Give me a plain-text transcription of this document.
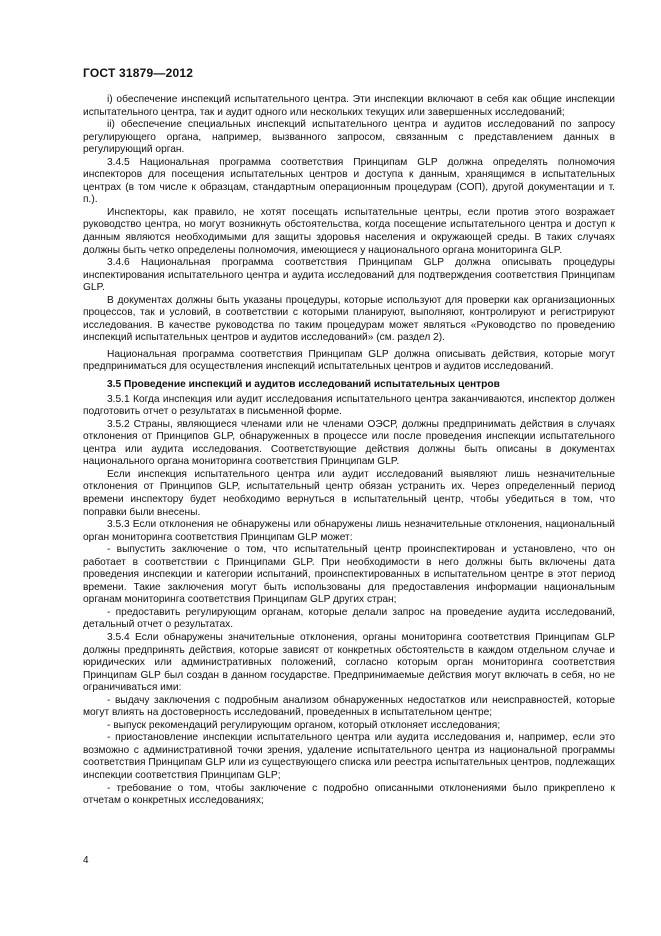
ГОСТ 31879—2012

i) обеспечение инспекций испытательного центра. Эти инспекции включают в себя как общие инспекции испытательного центра, так и аудит одного или нескольких текущих или завершенных исследований;

ii) обеспечение специальных инспекций испытательного центра и аудитов исследований по запросу регулирующего органа, например, вызванного запросом, связанным с представлением данных в регулирующий орган.

3.4.5 Национальная программа соответствия Принципам GLP должна определять полномочия инспекторов для посещения испытательных центров и доступа к данным, хранящимся в испытательных центрах (в том числе к образцам, стандартным операционным процедурам (СОП), другой документации и т. п.).

Инспекторы, как правило, не хотят посещать испытательные центры, если против этого возражает руководство центра, но могут возникнуть обстоятельства, когда посещение испытательного центра и доступ к данным являются необходимыми для защиты здоровья населения и окружающей среды. В таких случаях должны быть четко определены полномочия, имеющиеся у национального органа мониторинга GLP.

3.4.6 Национальная программа соответствия Принципам GLP должна описывать процедуры инспектирования испытательного центра и аудита исследований для подтверждения соответствия Принципам GLP.

В документах должны быть указаны процедуры, которые используют для проверки как организационных процессов, так и условий, в соответствии с которыми планируют, выполняют, контролируют и регистрируют исследования. В качестве руководства по таким процедурам может являться «Руководство по проведению инспекций испытательных центров и аудитов исследований» (см. раздел 2).

Национальная программа соответствия Принципам GLP должна описывать действия, которые могут предприниматься для осуществления инспекций испытательных центров и аудитов исследований.

3.5 Проведение инспекций и аудитов исследований испытательных центров

3.5.1 Когда инспекция или аудит исследования испытательного центра заканчиваются, инспектор должен подготовить отчет о результатах в письменной форме.

3.5.2 Страны, являющиеся членами или не членами ОЭСР, должны предпринимать действия в случаях отклонения от Принципов GLP, обнаруженных в процессе или после проведения инспекции испытательного центра или аудита исследования. Соответствующие действия должны быть описаны в документах национального органа мониторинга соответствия Принципам GLP.

Если инспекция испытательного центра или аудит исследований выявляют лишь незначительные отклонения от Принципов GLP, испытательный центр обязан устранить их. Через определенный период времени инспектору будет необходимо вернуться в испытательный центр, чтобы убедиться в том, что поправки были внесены.

3.5.3 Если отклонения не обнаружены или обнаружены лишь незначительные отклонения, национальный орган мониторинга соответствия Принципам GLP может:

- выпустить заключение о том, что испытательный центр проинспектирован и установлено, что он работает в соответствии с Принципами GLP. При необходимости в него должны быть включены дата проведения инспекции и категории испытаний, проинспектированных в испытательном центре в этот период времени. Такие заключения могут быть использованы для предоставления информации национальным органам мониторинга соответствия Принципам GLP других стран;

- предоставить регулирующим органам, которые делали запрос на проведение аудита исследований, детальный отчет о результатах.

3.5.4 Если обнаружены значительные отклонения, органы мониторинга соответствия Принципам GLP должны предпринять действия, которые зависят от конкретных обстоятельств в каждом отдельном случае и юридических или административных положений, согласно которым орган мониторинга соответствия Принципам GLP был создан в данном государстве. Предпринимаемые действия могут включать в себя, но не ограничиваться ими:

- выдачу заключения с подробным анализом обнаруженных недостатков или неисправностей, которые могут влиять на достоверность исследований, проведенных в испытательном центре;

- выпуск рекомендаций регулирующим органом, который отклоняет исследования;

- приостановление инспекции испытательного центра или аудита исследования и, например, если это возможно с административной точки зрения, удаление испытательного центра из национальной программы соответствия Принципам GLP или из существующего списка или реестра испытательных центров, подлежащих инспекции соответствия Принципам GLP;

- требование о том, чтобы заключение с подробно описанными отклонениями было прикреплено к отчетам о конкретных исследованиях;

4
